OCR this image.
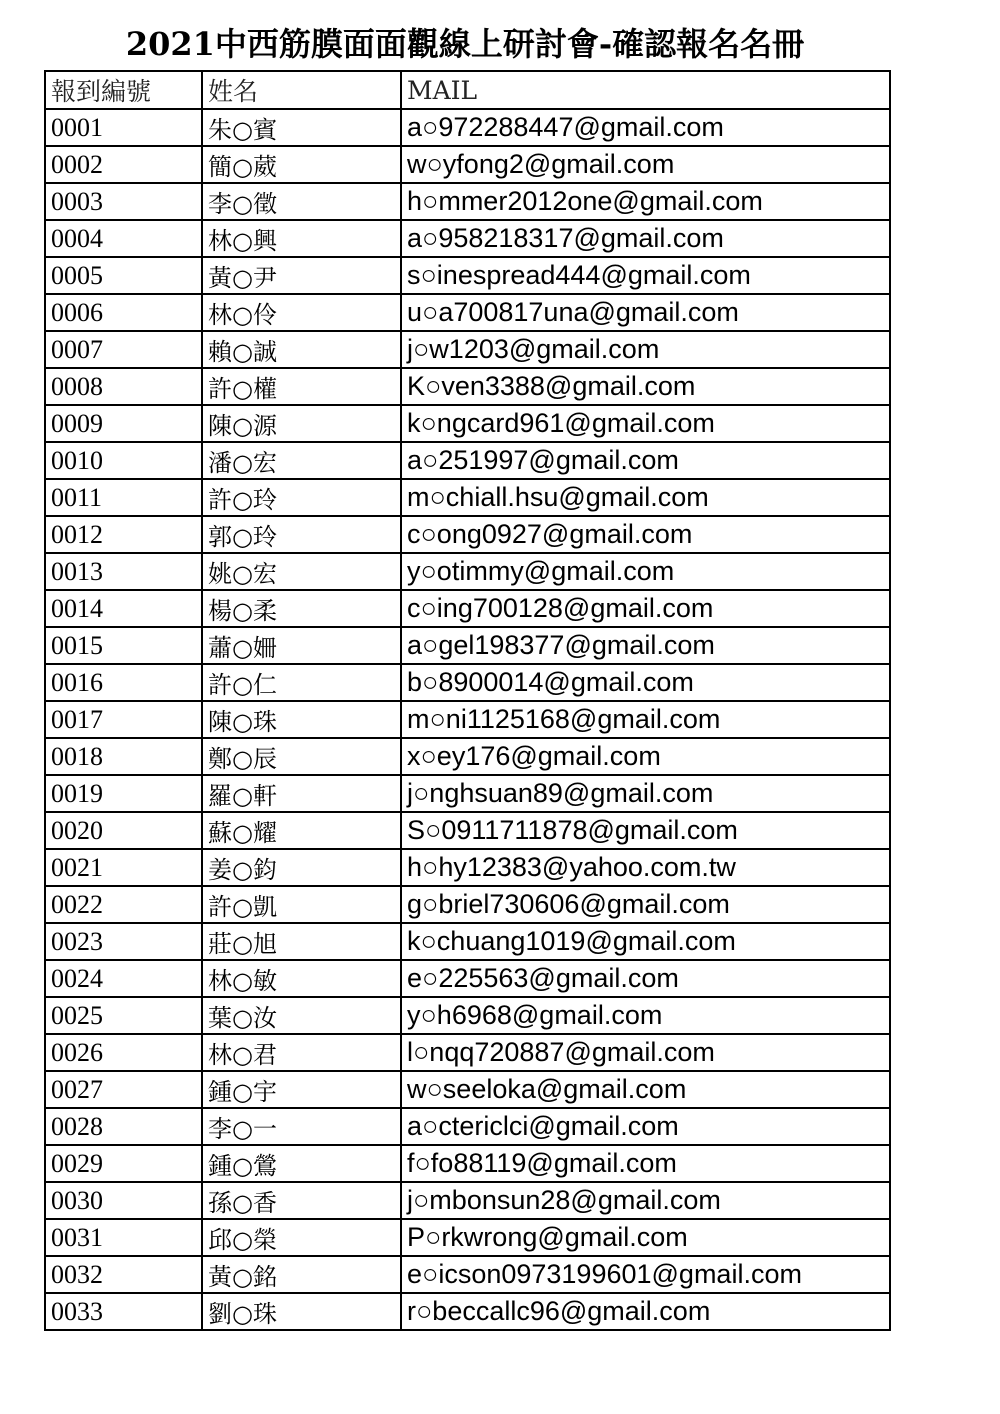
2021中西筋膜面面觀線上研討會-確認報名名冊
報到編號	姓名	MAIL
0001	朱○賓	a○972288447@gmail.com
0002	簡○葳	w○yfong2@gmail.com
0003	李○徵	h○mmer2012one@gmail.com
0004	林○興	a○958218317@gmail.com
0005	黃○尹	s○inespread444@gmail.com
0006	林○伶	u○a700817una@gmail.com
0007	賴○誠	j○w1203@gmail.com
0008	許○權	K○ven3388@gmail.com
0009	陳○源	k○ngcard961@gmail.com
0010	潘○宏	a○251997@gmail.com
0011	許○玲	m○chiall.hsu@gmail.com
0012	郭○玲	c○ong0927@gmail.com
0013	姚○宏	y○otimmy@gmail.com
0014	楊○柔	c○ing700128@gmail.com
0015	蕭○姍	a○gel198377@gmail.com
0016	許○仁	b○8900014@gmail.com
0017	陳○珠	m○ni1125168@gmail.com
0018	鄭○辰	x○ey176@gmail.com
0019	羅○軒	j○nghsuan89@gmail.com
0020	蘇○耀	S○0911711878@gmail.com
0021	姜○鈞	h○hy12383@yahoo.com.tw
0022	許○凱	g○briel730606@gmail.com
0023	莊○旭	k○chuang1019@gmail.com
0024	林○敏	e○225563@gmail.com
0025	葉○汝	y○h6968@gmail.com
0026	林○君	l○nqq720887@gmail.com
0027	鍾○宇	w○seeloka@gmail.com
0028	李○一	a○ctericlci@gmail.com
0029	鍾○鶯	f○fo88119@gmail.com
0030	孫○香	j○mbonsun28@gmail.com
0031	邱○榮	P○rkwrong@gmail.com
0032	黃○銘	e○icson0973199601@gmail.com
0033	劉○珠	r○beccallc96@gmail.com
